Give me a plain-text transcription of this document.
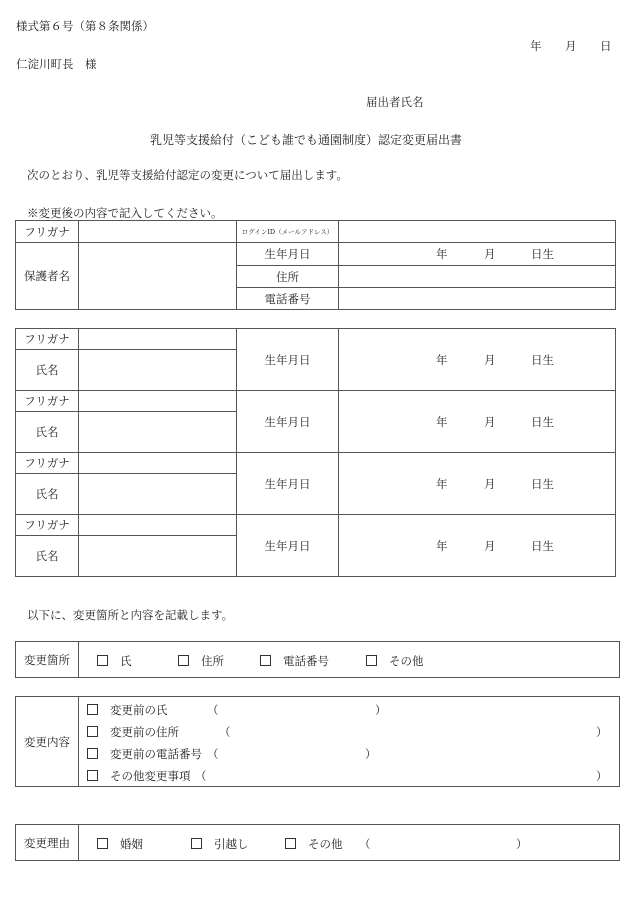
様式第６号（第８条関係）
年 月 日
仁淀川町長　様
届出者氏名
乳児等支援給付（こども誰でも通園制度）認定変更届出書
次のとおり、乳児等支援給付認定の変更について届出します。
※変更後の内容で記入してください。
フリガナ		ログインID（メールアドレス）	
保護者名		生年月日	年 月 日生

		住所	
		電話番号	
フリガナ		生年月日	年 月 日生

氏名			
フリガナ		生年月日	年 月 日生

氏名			
フリガナ		生年月日	年 月 日生

氏名			
フリガナ		生年月日	年 月 日生

氏名			
以下に、変更箇所と内容を記載します。
変更箇所	氏	住所	電話番号	その他
変更内容	
変更前の氏	（	）
変更前の住所	（	）
変更前の電話番号 （	）
その他変更事項 （	）
変更理由	婚姻	引越し	その他 （	）
